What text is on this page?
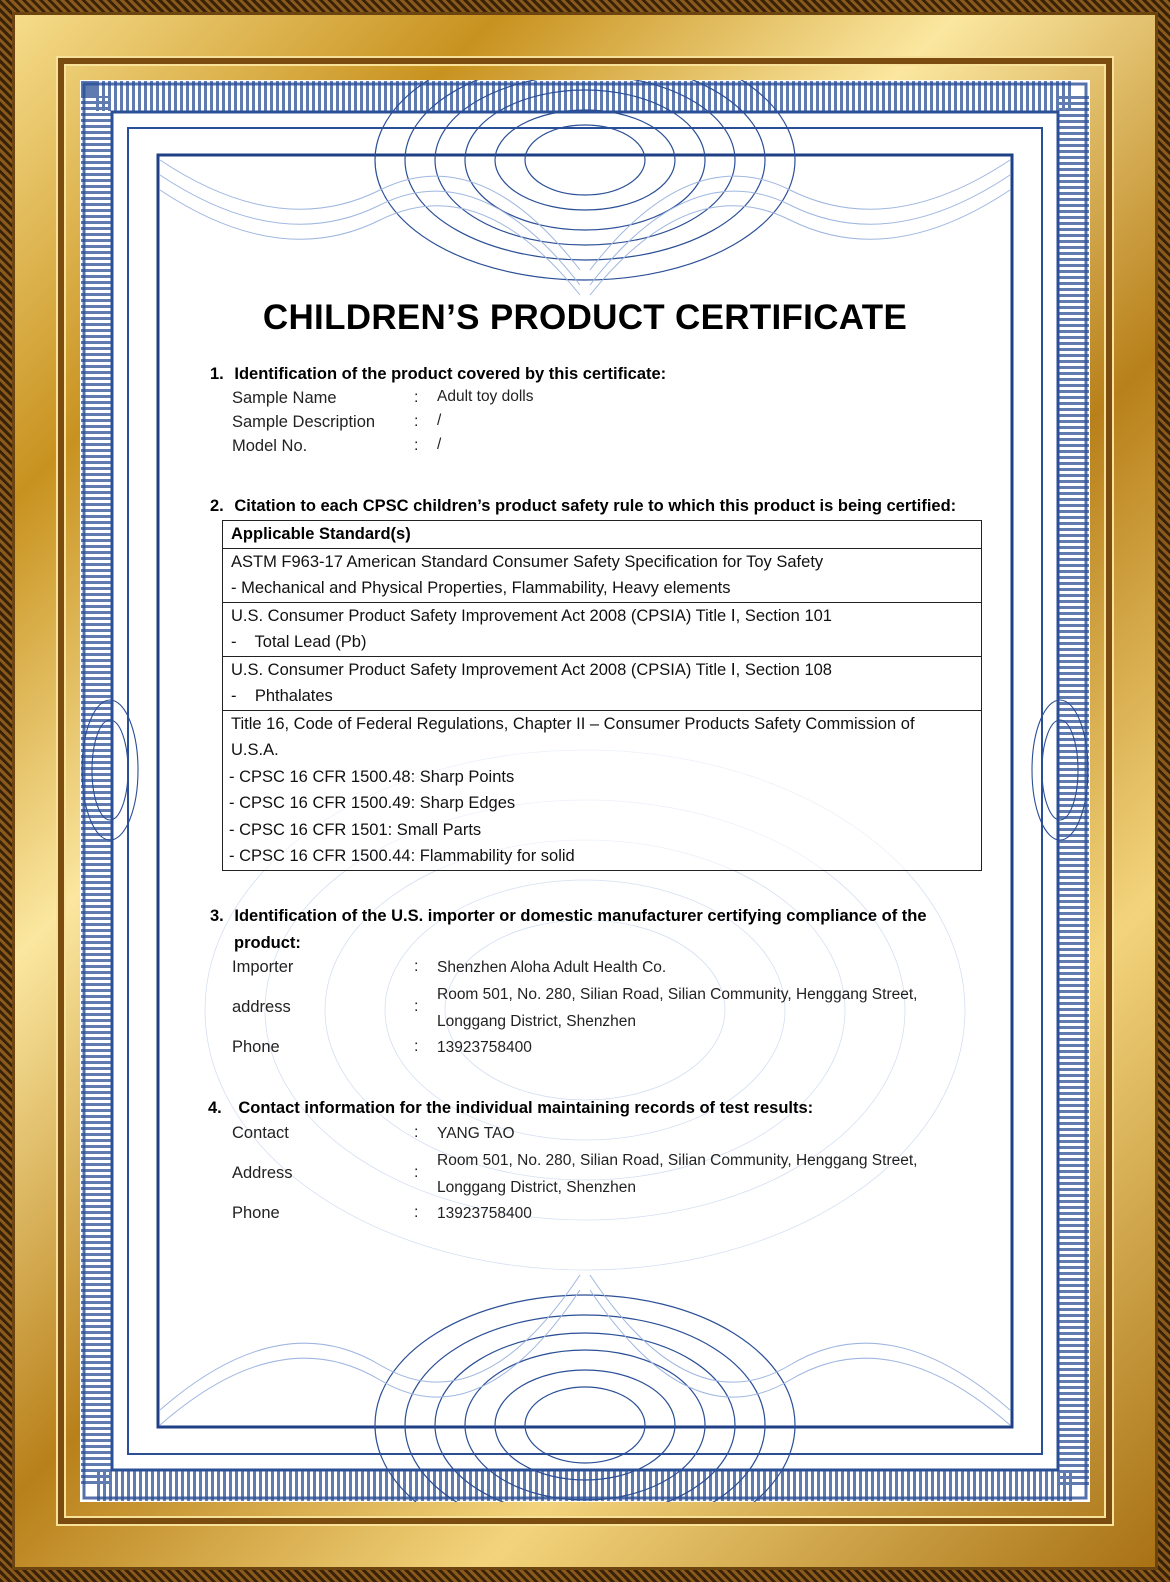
CHILDREN’S PRODUCT CERTIFICATE
1. Identification of the product covered by this certificate:
Sample Name	: Adult toy dolls
Sample Description : /
Model No.	: /
2. Citation to each CPSC children’s product safety rule to which this product is being certified:
Applicable Standard(s)

ASTM F963-17 American Standard Consumer Safety Specification for Toy Safety
- Mechanical and Physical Properties, Flammability, Heavy elements

U.S. Consumer Product Safety Improvement Act 2008 (CPSIA) Title Ⅰ, Section 101
-    Total Lead (Pb)

U.S. Consumer Product Safety Improvement Act 2008 (CPSIA) Title Ⅰ, Section 108
-    Phthalates

Title 16, Code of Federal Regulations, Chapter II – Consumer Products Safety Commission of
U.S.A.
- CPSC 16 CFR 1500.48: Sharp Points
- CPSC 16 CFR 1500.49: Sharp Edges
- CPSC 16 CFR 1501: Small Parts
- CPSC 16 CFR 1500.44: Flammability for solid
3. Identification of the U.S. importer or domestic manufacturer certifying compliance of the
product:
Importer	: Shenzhen Aloha Adult Health Co.
address	:
Room 501, No. 280, Silian Road, Silian Community, Henggang Street,
Longgang District, Shenzhen
Phone	: 13923758400
4. Contact information for the individual maintaining records of test results:
Contact	: YANG TAO
Address	:
Room 501, No. 280, Silian Road, Silian Community, Henggang Street,
Longgang District, Shenzhen
Phone	: 13923758400
